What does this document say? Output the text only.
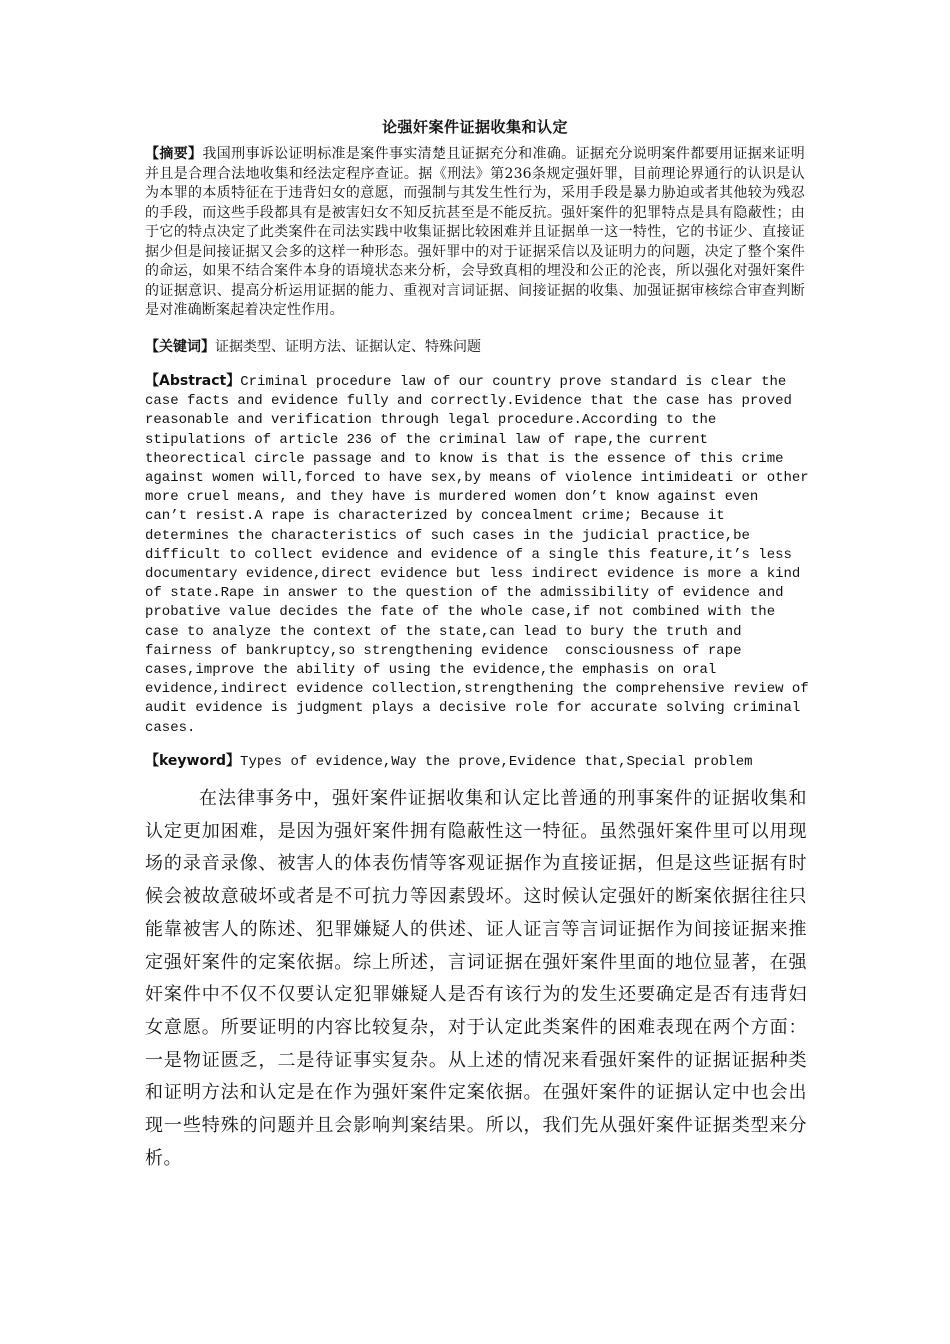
论强奸案件证据收集和认定
【摘要】我国刑事诉讼证明标准是案件事实清楚且证据充分和准确。证据充分说明案件都要用证据来证明并且是合理合法地收集和经法定程序查证。据《刑法》第236条规定强奸罪，目前理论界通行的认识是认为本罪的本质特征在于违背妇女的意愿，而强制与其发生性行为，采用手段是暴力胁迫或者其他较为残忍的手段，而这些手段都具有是被害妇女不知反抗甚至是不能反抗。强奸案件的犯罪特点是具有隐蔽性；由于它的特点决定了此类案件在司法实践中收集证据比较困难并且证据单一这一特性，它的书证少、直接证据少但是间接证据又会多的这样一种形态。强奸罪中的对于证据采信以及证明力的问题，决定了整个案件的命运，如果不结合案件本身的语境状态来分析，会导致真相的埋没和公正的沦丧，所以强化对强奸案件的证据意识、提高分析运用证据的能力、重视对言词证据、间接证据的收集、加强证据审核综合审查判断是对准确断案起着决定性作用。
【关键词】证据类型、证明方法、证据认定、特殊问题
【Abstract】Criminal procedure law of our country prove standard is clear the
case facts and evidence fully and correctly.Evidence that the case has proved
reasonable and verification through legal procedure.According to the
stipulations of article 236 of the criminal law of rape,the current
theorectical circle passage and to know is that is the essence of this crime
against women will,forced to have sex,by means of violence intimideati or other
more cruel means, and they have is murdered women don’t know against even
can’t resist.A rape is characterized by concealment crime; Because it
determines the characteristics of such cases in the judicial practice,be
difficult to collect evidence and evidence of a single this feature,it’s less
documentary evidence,direct evidence but less indirect evidence is more a kind
of state.Rape in answer to the question of the admissibility of evidence and
probative value decides the fate of the whole case,if not combined with the
case to analyze the context of the state,can lead to bury the truth and
fairness of bankruptcy,so strengthening evidence  consciousness of rape
cases,improve the ability of using the evidence,the emphasis on oral
evidence,indirect evidence collection,strengthening the comprehensive review of
audit evidence is judgment plays a decisive role for accurate solving criminal
cases.
【keyword】Types of evidence,Way the prove,Evidence that,Special problem
在法律事务中，强奸案件证据收集和认定比普通的刑事案件的证据收集和认定更加困难，是因为强奸案件拥有隐蔽性这一特征。虽然强奸案件里可以用现场的录音录像、被害人的体表伤情等客观证据作为直接证据，但是这些证据有时候会被故意破坏或者是不可抗力等因素毁坏。这时候认定强奸的断案依据往往只能靠被害人的陈述、犯罪嫌疑人的供述、证人证言等言词证据作为间接证据来推定强奸案件的定案依据。综上所述，言词证据在强奸案件里面的地位显著，在强奸案件中不仅不仅要认定犯罪嫌疑人是否有该行为的发生还要确定是否有违背妇女意愿。所要证明的内容比较复杂，对于认定此类案件的困难表现在两个方面：一是物证匮乏，二是待证事实复杂。从上述的情况来看强奸案件的证据证据种类和证明方法和认定是在作为强奸案件定案依据。在强奸案件的证据认定中也会出现一些特殊的问题并且会影响判案结果。所以，我们先从强奸案件证据类型来分析。
